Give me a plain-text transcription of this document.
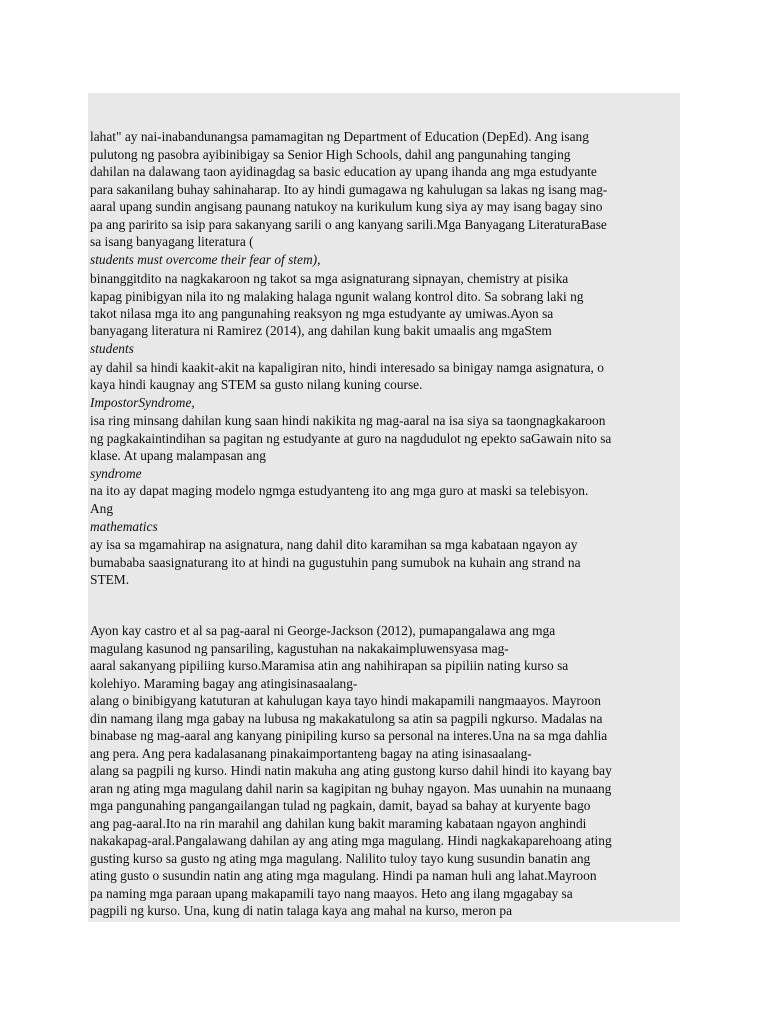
lahat" ay nai-inabandunangsa pamamagitan ng Department of Education (DepEd). Ang isang
pulutong ng pasobra ayibinibigay sa Senior High Schools, dahil ang pangunahing tanging
dahilan na dalawang taon ayidinagdag sa basic education ay upang ihanda ang mga estudyante
para sakanilang buhay sahinaharap. Ito ay hindi gumagawa ng kahulugan sa lakas ng isang mag-
aaral upang sundin angisang paunang natukoy na kurikulum kung siya ay may isang bagay sino
pa ang paririto sa isip para sakanyang sarili o ang kanyang sarili.Mga Banyagang LiteraturaBase
sa isang banyagang literatura (
students must overcome their fear of stem),
binanggitdito na nagkakaroon ng takot sa mga asignaturang sipnayan, chemistry at pisika
kapag pinibigyan nila ito ng malaking halaga ngunit walang kontrol dito. Sa sobrang laki ng
takot nilasa mga ito ang pangunahing reaksyon ng mga estudyante ay umiwas.Ayon sa
banyagang literatura ni Ramirez (2014), ang dahilan kung bakit umaalis ang mgaStem
students
ay dahil sa hindi kaakit-akit na kapaligiran nito, hindi interesado sa binigay namga asignatura, o
kaya hindi kaugnay ang STEM sa gusto nilang kuning course.
ImpostorSyndrome,
isa ring minsang dahilan kung saan hindi nakikita ng mag-aaral na isa siya sa taongnagkakaroon
ng pagkakaintindihan sa pagitan ng estudyante at guro na nagdudulot ng epekto saGawain nito sa
klase. At upang malampasan ang
syndrome
na ito ay dapat maging modelo ngmga estudyanteng ito ang mga guro at maski sa telebisyon.
Ang
mathematics
ay isa sa mgamahirap na asignatura, nang dahil dito karamihan sa mga kabataan ngayon ay
bumababa saasignaturang ito at hindi na gugustuhin pang sumubok na kuhain ang strand na
STEM.
Ayon kay castro et al sa pag-aaral ni George-Jackson (2012), pumapangalawa ang mga
magulang kasunod ng pansariling, kagustuhan na nakakaimpluwensyasa mag-
aaral sakanyang pipiliing kurso.Maramisa atin ang nahihirapan sa pipiliin nating kurso sa
kolehiyo. Maraming bagay ang atingisinasaalang-
alang o binibigyang katuturan at kahulugan kaya tayo hindi makapamili nangmaayos. Mayroon
din namang ilang mga gabay na lubusa ng makakatulong sa atin sa pagpili ngkurso. Madalas na
binabase ng mag-aaral ang kanyang pinipiling kurso sa personal na interes.Una na sa mga dahlia
ang pera. Ang pera kadalasanang pinakaimportanteng bagay na ating isinasaalang-
alang sa pagpili ng kurso. Hindi natin makuha ang ating gustong kurso dahil hindi ito kayang bay
aran ng ating mga magulang dahil narin sa kagipitan ng buhay ngayon. Mas uunahin na munaang
mga pangunahing pangangailangan tulad ng pagkain, damit, bayad sa bahay at kuryente bago
ang pag-aaral.Ito na rin marahil ang dahilan kung bakit maraming kabataan ngayon anghindi
nakakapag-aral.Pangalawang dahilan ay ang ating mga magulang. Hindi nagkakaparehoang ating
gusting kurso sa gusto ng ating mga magulang. Nalilito tuloy tayo kung susundin banatin ang
ating gusto o susundin natin ang ating mga magulang. Hindi pa naman huli ang lahat.Mayroon
pa naming mga paraan upang makapamili tayo nang maayos. Heto ang ilang mgagabay sa
pagpili ng kurso. Una, kung di natin talaga kaya ang mahal na kurso, meron pa
